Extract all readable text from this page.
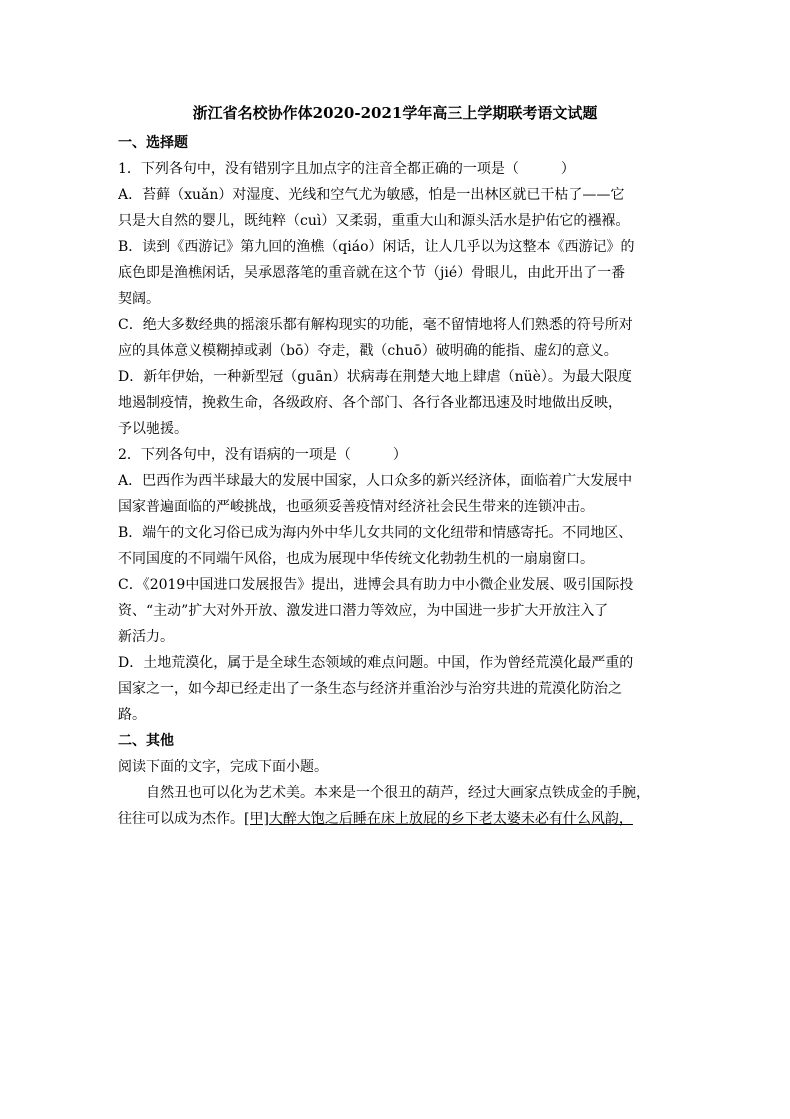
浙江省名校协作体2020-2021学年高三上学期联考语文试题
一、选择题
1．下列各句中，没有错别字且加点字的注音全都正确的一项是（　　　）
A．苔藓（xuǎn）对湿度、光线和空气尤为敏感，怕是一出林区就已干枯了——它
只是大自然的婴儿，既纯粹（cuì）又柔弱，重重大山和源头活水是护佑它的襁褓。
B．读到《西游记》第九回的渔樵（qiáo）闲话，让人几乎以为这整本《西游记》的
底色即是渔樵闲话，吴承恩落笔的重音就在这个节（jié）骨眼儿，由此开出了一番
契阔。
C．绝大多数经典的摇滚乐都有解构现实的功能，毫不留情地将人们熟悉的符号所对
应的具体意义模糊掉或剥（bō）夺走，戳（chuō）破明确的能指、虚幻的意义。
D．新年伊始，一种新型冠（guān）状病毒在荆楚大地上肆虐（nüè）。为最大限度
地遏制疫情，挽救生命，各级政府、各个部门、各行各业都迅速及时地做出反映，
予以驰援。
2．下列各句中，没有语病的一项是（　　　）
A．巴西作为西半球最大的发展中国家，人口众多的新兴经济体，面临着广大发展中
国家普遍面临的严峻挑战，也亟须妥善疫情对经济社会民生带来的连锁冲击。
B．端午的文化习俗已成为海内外中华儿女共同的文化纽带和情感寄托。不同地区、
不同国度的不同端午风俗，也成为展现中华传统文化勃勃生机的一扇扇窗口。
C．《2019中国进口发展报告》提出，进博会具有助力中小微企业发展、吸引国际投
资、“主动”扩大对外开放、激发进口潜力等效应，为中国进一步扩大开放注入了
新活力。
D．土地荒漠化，属于是全球生态领域的难点问题。中国，作为曾经荒漠化最严重的
国家之一，如今却已经走出了一条生态与经济并重治沙与治穷共进的荒漠化防治之
路。
二、其他
阅读下面的文字，完成下面小题。
自然丑也可以化为艺术美。本来是一个很丑的葫芦，经过大画家点铁成金的手腕，
往往可以成为杰作。[甲]大醉大饱之后睡在床上放屁的乡下老太婆未必有什么风韵，
